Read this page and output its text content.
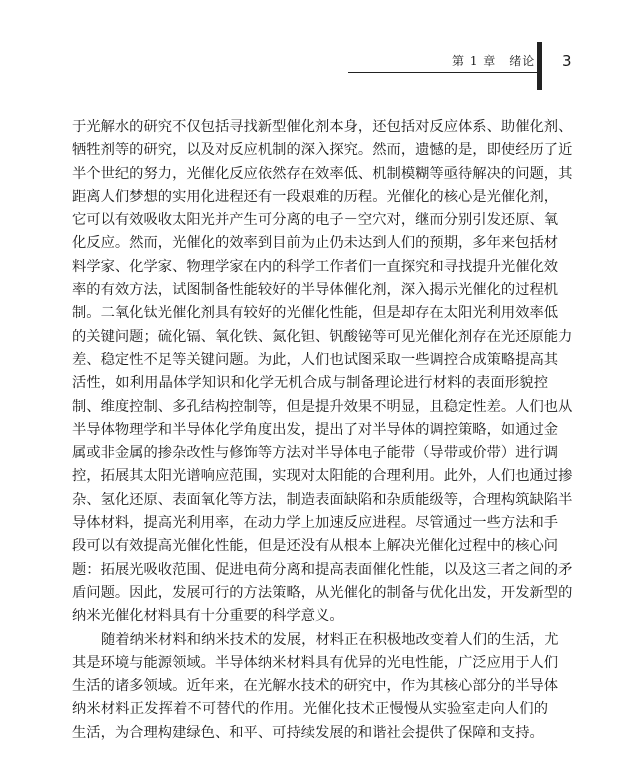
第 1 章　绪论 3
于光解水的研究不仅包括寻找新型催化剂本身，还包括对反应体系、助催化剂、
牺牲剂等的研究，以及对反应机制的深入探究。然而，遗憾的是，即使经历了近
半个世纪的努力，光催化反应依然存在效率低、机制模糊等亟待解决的问题，其
距离人们梦想的实用化进程还有一段艰难的历程。光催化的核心是光催化剂，
它可以有效吸收太阳光并产生可分离的电子－空穴对，继而分别引发还原、氧
化反应。然而，光催化的效率到目前为止仍未达到人们的预期，多年来包括材
料学家、化学家、物理学家在内的科学工作者们一直探究和寻找提升光催化效
率的有效方法，试图制备性能较好的半导体催化剂，深入揭示光催化的过程机
制。二氧化钛光催化剂具有较好的光催化性能，但是却存在太阳光利用效率低
的关键问题；硫化镉、氧化铁、氮化钽、钒酸铋等可见光催化剂存在光还原能力
差、稳定性不足等关键问题。为此，人们也试图采取一些调控合成策略提高其
活性，如利用晶体学知识和化学无机合成与制备理论进行材料的表面形貌控
制、维度控制、多孔结构控制等，但是提升效果不明显，且稳定性差。人们也从
半导体物理学和半导体化学角度出发，提出了对半导体的调控策略，如通过金
属或非金属的掺杂改性与修饰等方法对半导体电子能带（导带或价带）进行调
控，拓展其太阳光谱响应范围，实现对太阳能的合理利用。此外，人们也通过掺
杂、氢化还原、表面氧化等方法，制造表面缺陷和杂质能级等，合理构筑缺陷半
导体材料，提高光利用率，在动力学上加速反应进程。尽管通过一些方法和手
段可以有效提高光催化性能，但是还没有从根本上解决光催化过程中的核心问
题：拓展光吸收范围、促进电荷分离和提高表面催化性能，以及这三者之间的矛
盾问题。因此，发展可行的方法策略，从光催化的制备与优化出发，开发新型的
纳米光催化材料具有十分重要的科学意义。
随着纳米材料和纳米技术的发展，材料正在积极地改变着人们的生活，尤
其是环境与能源领域。半导体纳米材料具有优异的光电性能，广泛应用于人们
生活的诸多领域。近年来，在光解水技术的研究中，作为其核心部分的半导体
纳米材料正发挥着不可替代的作用。光催化技术正慢慢从实验室走向人们的
生活，为合理构建绿色、和平、可持续发展的和谐社会提供了保障和支持。
